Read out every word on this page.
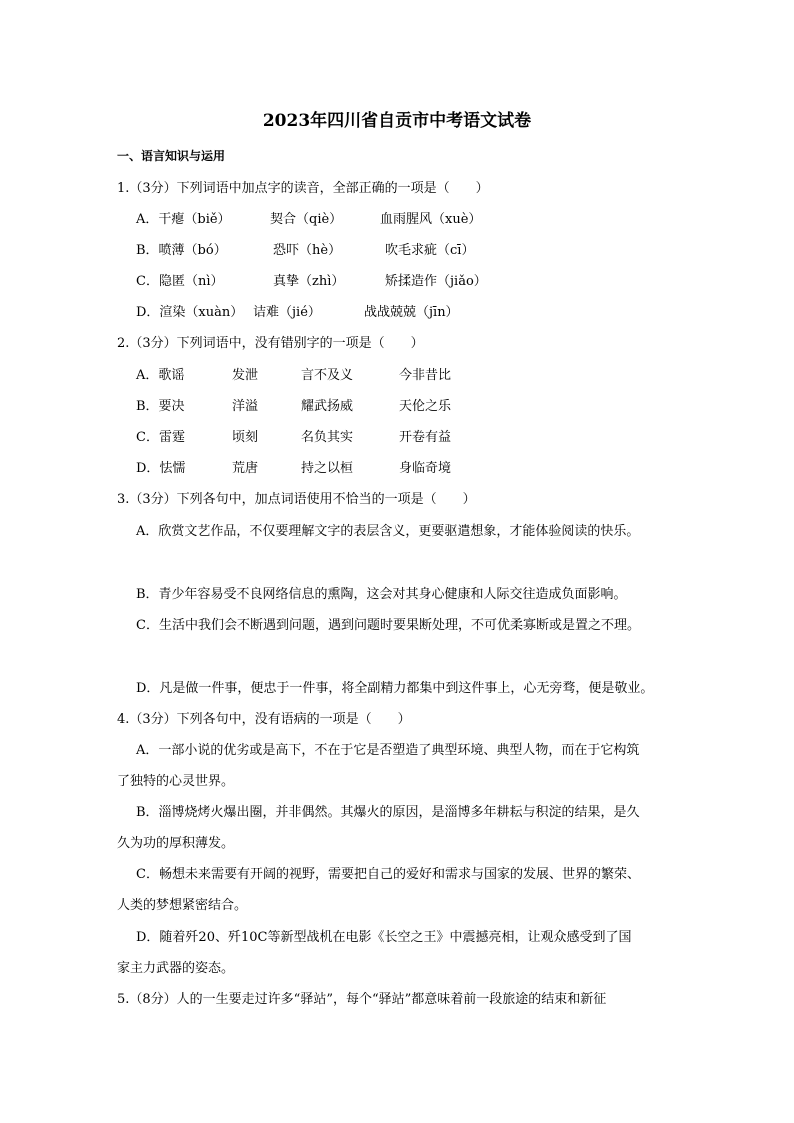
2023年四川省自贡市中考语文试卷
一、语言知识与运用
1.（3分）下列词语中加点字的读音，全部正确的一项是（　　）
A．干瘪（biě）	契合（qiè）	血雨腥风（xuè）
B．喷薄（bó）	恐吓（hè）	吹毛求疵（cī）
C．隐匿（nì）	真挚（zhì）	矫揉造作（jiǎo）
D．渲染（xuàn） 诘难（jié）	战战兢兢（jīn）
2.（3分）下列词语中，没有错别字的一项是（　　）
A．歌谣	发泄	言不及义	今非昔比
B．要决	洋溢	耀武扬威	天伦之乐
C．雷霆	顷刻	名负其实	开卷有益
D．怯懦	荒唐	持之以桓	身临奇境
3.（3分）下列各句中，加点词语使用不恰当的一项是（　　）
A．欣赏文艺作品，不仅要理解文字的表层含义，更要驱遣想象，才能体验阅读的快乐。
B．青少年容易受不良网络信息的熏陶，这会对其身心健康和人际交往造成负面影响。
C．生活中我们会不断遇到问题，遇到问题时要果断处理，不可优柔寡断或是置之不理。
D．凡是做一件事，便忠于一件事，将全副精力都集中到这件事上，心无旁骛，便是敬业。
4.（3分）下列各句中，没有语病的一项是（　　）
A．一部小说的优劣或是高下，不在于它是否塑造了典型环境、典型人物，而在于它构筑
了独特的心灵世界。
B．淄博烧烤火爆出圈，并非偶然。其爆火的原因，是淄博多年耕耘与积淀的结果，是久
久为功的厚积薄发。
C．畅想未来需要有开阔的视野，需要把自己的爱好和需求与国家的发展、世界的繁荣、
人类的梦想紧密结合。
D．随着歼20、歼10C等新型战机在电影《长空之王》中震撼亮相，让观众感受到了国
家主力武器的姿态。
5.（8分）人的一生要走过许多“驿站”，每个“驿站”都意味着前一段旅途的结束和新征
